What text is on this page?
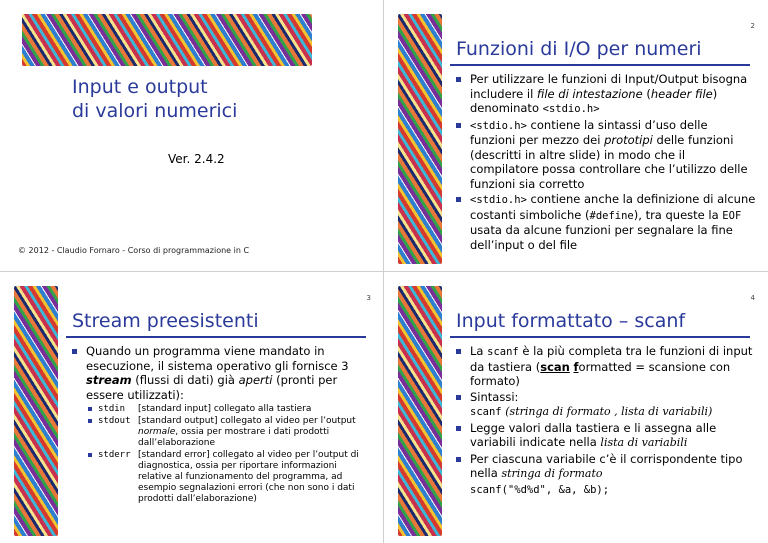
Input e output
di valori numerici
Ver. 2.4.2
© 2012 - Claudio Fornaro - Corso di programmazione in C
2
Funzioni di I/O per numeri
Per utilizzare le funzioni di Input/Output bisogna includere il file di intestazione (header file) denominato <stdio.h>
<stdio.h> contiene la sintassi d’uso delle funzioni per mezzo dei prototipi delle funzioni (descritti in altre slide) in modo che il compilatore possa controllare che l’utilizzo delle funzioni sia corretto
<stdio.h> contiene anche la definizione di alcune costanti simboliche (#define), tra queste la EOF usata da alcune funzioni per segnalare la fine dell’input o del file
3
Stream preesistenti
Quando un programma viene mandato in esecuzione, il sistema operativo gli fornisce 3 stream (flussi di dati) già aperti (pronti per essere utilizzati):
stdin	[standard input] collegato alla tastiera
stdout [standard output] collegato al video per l’output normale, ossia per mostrare i dati prodotti dall’elaborazione
stderr [standard error] collegato al video per l’output di diagnostica, ossia per riportare informazioni relative al funzionamento del programma, ad esempio segnalazioni errori (che non sono i dati prodotti dall’elaborazione)
4
Input formattato – scanf
La scanf è la più completa tra le funzioni di input da tastiera (scan formatted = scansione con formato)
Sintassi:
scanf (stringa di formato , lista di variabili)
Legge valori dalla tastiera e li assegna alle variabili indicate nella lista di variabili
Per ciascuna variabile c’è il corrispondente tipo nella stringa di formato
scanf("%d%d", &a, &b);
